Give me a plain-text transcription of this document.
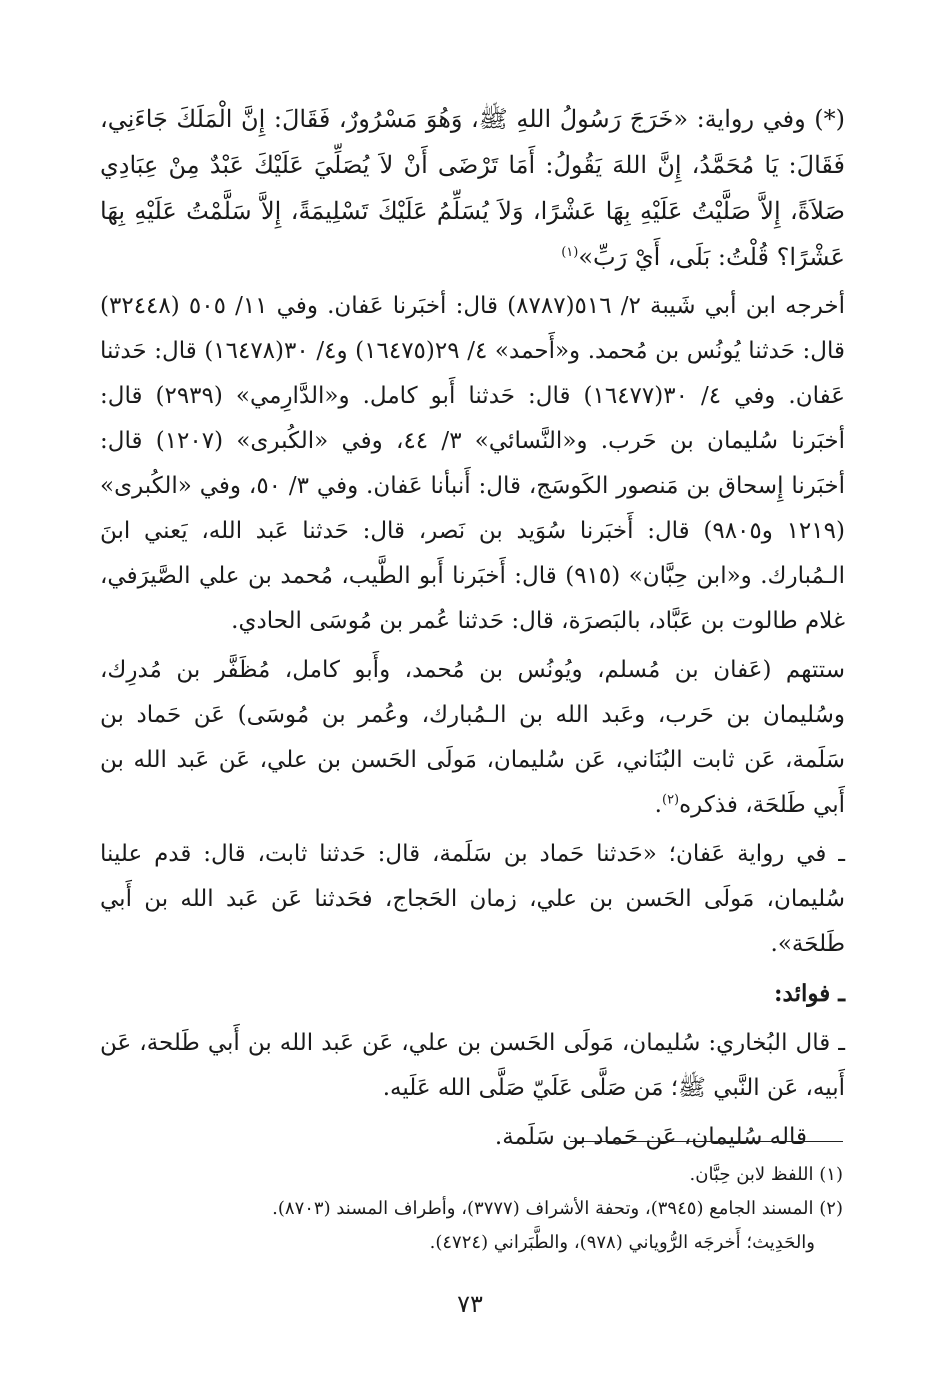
(*) وفي رواية: «خَرَجَ رَسُولُ اللهِ ﷺ، وَهُوَ مَسْرُورٌ، فَقَالَ: إِنَّ الْمَلَكَ جَاءَنِي، فَقَالَ: يَا مُحَمَّدُ، إِنَّ اللهَ يَقُولُ: أَمَا تَرْضَى أَنْ لاَ يُصَلِّيَ عَلَيْكَ عَبْدٌ مِنْ عِبَادِي صَلاَةً، إِلاَّ صَلَّيْتُ عَلَيْهِ بِهَا عَشْرًا، وَلاَ يُسَلِّمُ عَلَيْكَ تَسْلِيمَةً، إِلاَّ سَلَّمْتُ عَلَيْهِ بِهَا عَشْرًا؟ قُلْتُ: بَلَى، أَيْ رَبِّ»$^{(١)}$

أخرجه ابن أبي شَيبة ٢/ ٥١٦(٨٧٨٧) قال: أخبَرنا عَفان. وفي ١١/ ٥٠٥ (٣٢٤٤٨) قال: حَدثنا يُونُس بن مُحمد. و«أَحمد» ٤/ ٢٩(١٦٤٧٥) و٤/ ٣٠(١٦٤٧٨) قال: حَدثنا عَفان. وفي ٤/ ٣٠(١٦٤٧٧) قال: حَدثنا أَبو كامل. و«الدَّارِمي» (٢٩٣٩) قال: أخبَرنا سُليمان بن حَرب. و«النَّسائي» ٣/ ٤٤، وفي «الكُبرى» (١٢٠٧) قال: أخبَرنا إِسحاق بن مَنصور الكَوسَج، قال: أَنبأنا عَفان. وفي ٣/ ٥٠، وفي «الكُبرى» (١٢١٩ و٩٨٠٥) قال: أَخبَرنا سُوَيد بن نَصر، قال: حَدثنا عَبد الله، يَعني ابنَ الـمُبارك. و«ابن حِبَّان» (٩١٥) قال: أَخبَرنا أَبو الطَّيب، مُحمد بن علي الصَّيرَفي، غلام طالوت بن عَبَّاد، بالبَصرَة، قال: حَدثنا عُمر بن مُوسَى الحادي.

ستتهم (عَفان بن مُسلم، ويُونُس بن مُحمد، وأَبو كامل، مُظَفَّر بن مُدرِك، وسُليمان بن حَرب، وعَبد الله بن الـمُبارك، وعُمر بن مُوسَى) عَن حَماد بن سَلَمة، عَن ثابت البُنَاني، عَن سُليمان، مَولَى الحَسن بن علي، عَن عَبد الله بن أَبي طَلحَة، فذكره$^{(٢)}$.

ـ في رواية عَفان؛ «حَدثنا حَماد بن سَلَمة، قال: حَدثنا ثابت، قال: قدم علينا سُليمان، مَولَى الحَسن بن علي، زمان الحَجاج، فحَدثنا عَن عَبد الله بن أَبي طَلحَة».

ـ فوائد:

ـ قال البُخاري: سُليمان، مَولَى الحَسن بن علي، عَن عَبد الله بن أَبي طَلحة، عَن أَبيه، عَن النَّبي ﷺ؛ مَن صَلَّى عَلَيّ صَلَّى الله عَلَيه.

قاله سُليمان، عَن حَماد بن سَلَمة.

(١) اللفظ لابن حِبَّان.

(٢) المسند الجامع (٣٩٤٥)، وتحفة الأشراف (٣٧٧٧)، وأطراف المسند (٨٧٠٣).

والحَدِيث؛ أَخرجَه الرُّوياني (٩٧٨)، والطَّبَراني (٤٧٢٤).

٧٣
